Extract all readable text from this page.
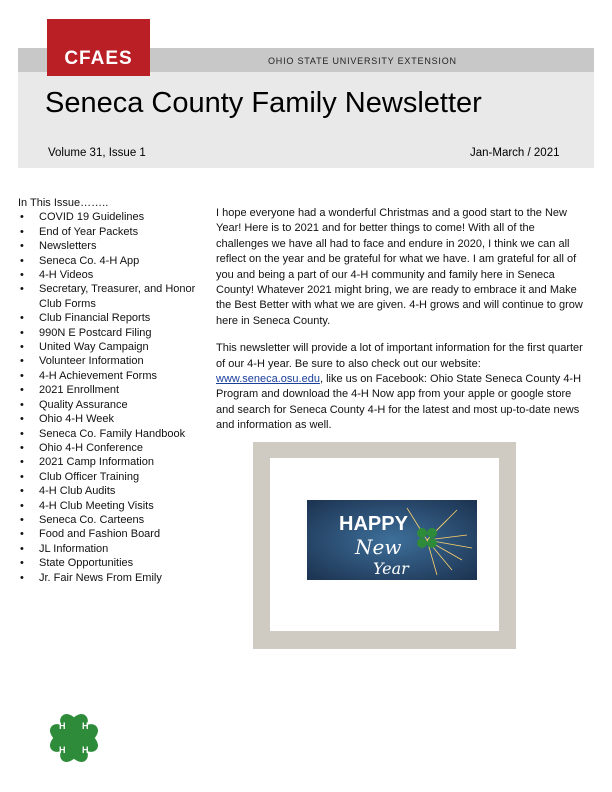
CFAES	OHIO STATE UNIVERSITY EXTENSION
Seneca County Family Newsletter
Volume 31, Issue 1	Jan-March / 2021

In This Issue……..

• COVID 19 Guidelines
• End of Year Packets
• Newsletters
• Seneca Co. 4-H App
• 4-H Videos
• Secretary, Treasurer, and Honor Club Forms
• Club Financial Reports
• 990N E Postcard Filing
• United Way Campaign
• Volunteer Information
• 4-H Achievement Forms
• 2021 Enrollment
• Quality Assurance
• Ohio 4-H Week
• Seneca Co. Family Handbook
• Ohio 4-H Conference
• 2021 Camp Information
• Club Officer Training
• 4-H Club Audits
• 4-H Club Meeting Visits
• Seneca Co. Carteens
• Food and Fashion Board
• JL Information
• State Opportunities
• Jr. Fair News From Emily

I hope everyone had a wonderful Christmas and a good start to the New Year! Here is to 2021 and for better things to come! With all of the challenges we have all had to face and endure in 2020, I think we can all reflect on the year and be grateful for what we have. I am grateful for all of you and being a part of our 4-H community and family here in Seneca County! Whatever 2021 might bring, we are ready to embrace it and Make the Best Better with what we are given. 4-H grows and will continue to grow here in Seneca County.

This newsletter will provide a lot of important information for the first quarter of our 4-H year. Be sure to also check out our website: www.seneca.osu.edu, like us on Facebook: Ohio State Seneca County 4-H Program and download the 4-H Now app from your apple or google store and search for Seneca County 4-H for the latest and most up-to-date news and information as well.

HAPPY
New
Year
H H
H H
